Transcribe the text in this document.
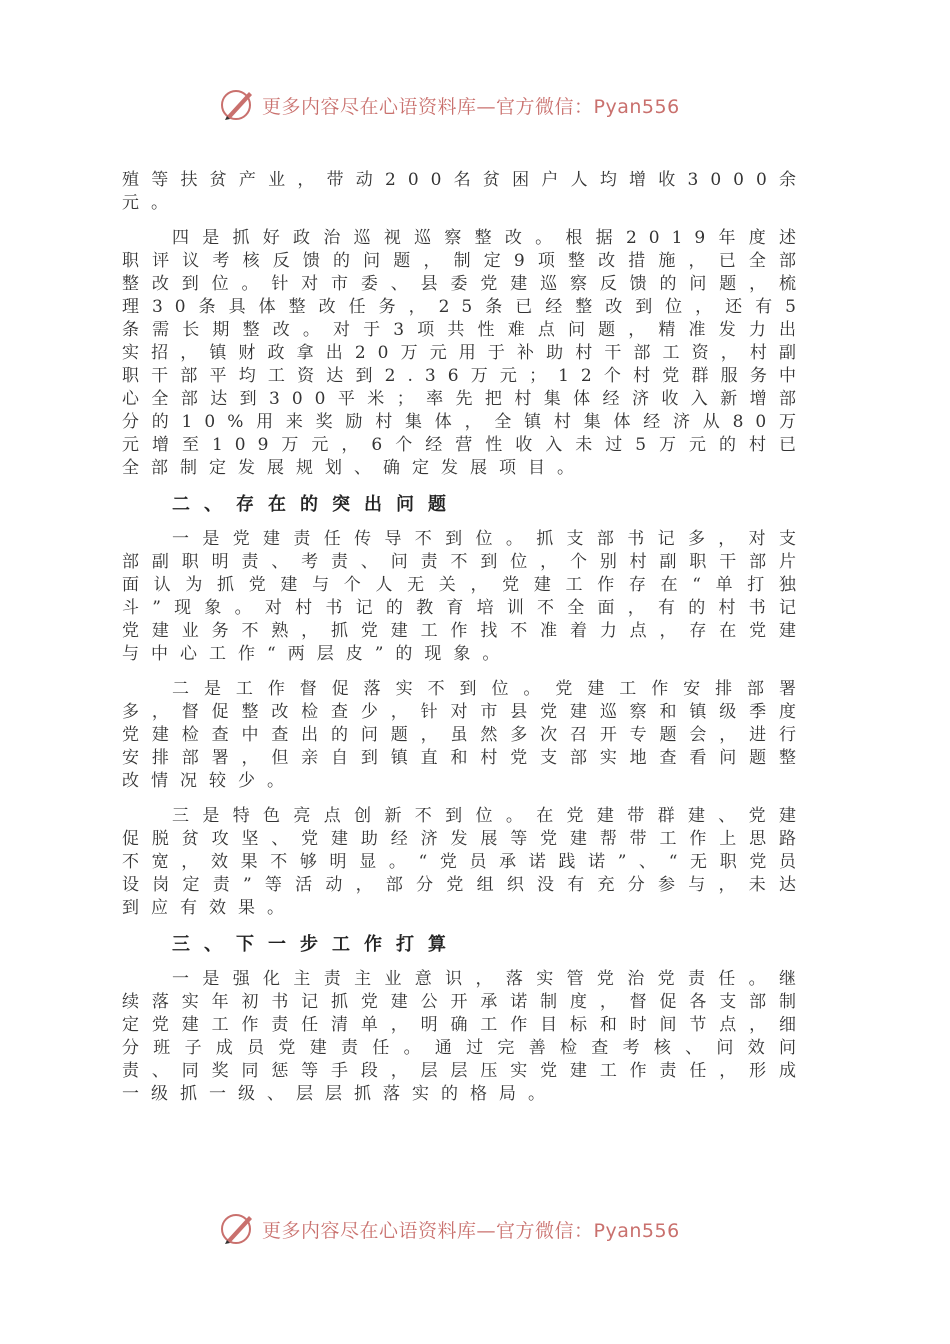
更多内容尽在心语资料库—官方微信：Pyan556

殖等扶贫产业，带动200名贫困户人均增收3000余元。

四是抓好政治巡视巡察整改。根据2019年度述职评议考核反馈的问题，制定9项整改措施，已全部整改到位。针对市委、县委党建巡察反馈的问题，梳理30条具体整改任务，25条已经整改到位，还有5条需长期整改。对于3项共性难点问题，精准发力出实招，镇财政拿出20万元用于补助村干部工资，村副职干部平均工资达到2.36万元；12个村党群服务中心全部达到300平米；率先把村集体经济收入新增部分的10%用来奖励村集体，全镇村集体经济从80万元增至109万元，6个经营性收入未过5万元的村已全部制定发展规划、确定发展项目。

二、存在的突出问题

一是党建责任传导不到位。抓支部书记多，对支部副职明责、考责、问责不到位，个别村副职干部片面认为抓党建与个人无关，党建工作存在“单打独斗”现象。对村书记的教育培训不全面，有的村书记党建业务不熟，抓党建工作找不准着力点，存在党建与中心工作“两层皮”的现象。

二是工作督促落实不到位。党建工作安排部署多，督促整改检查少，针对市县党建巡察和镇级季度党建检查中查出的问题，虽然多次召开专题会，进行安排部署，但亲自到镇直和村党支部实地查看问题整改情况较少。

三是特色亮点创新不到位。在党建带群建、党建促脱贫攻坚、党建助经济发展等党建帮带工作上思路不宽，效果不够明显。“党员承诺践诺”、“无职党员设岗定责”等活动，部分党组织没有充分参与，未达到应有效果。

三、下一步工作打算

一是强化主责主业意识，落实管党治党责任。继续落实年初书记抓党建公开承诺制度，督促各支部制定党建工作责任清单，明确工作目标和时间节点，细分班子成员党建责任。通过完善检查考核、问效问责、同奖同惩等手段，层层压实党建工作责任，形成一级抓一级、层层抓落实的格局。

更多内容尽在心语资料库—官方微信：Pyan556
